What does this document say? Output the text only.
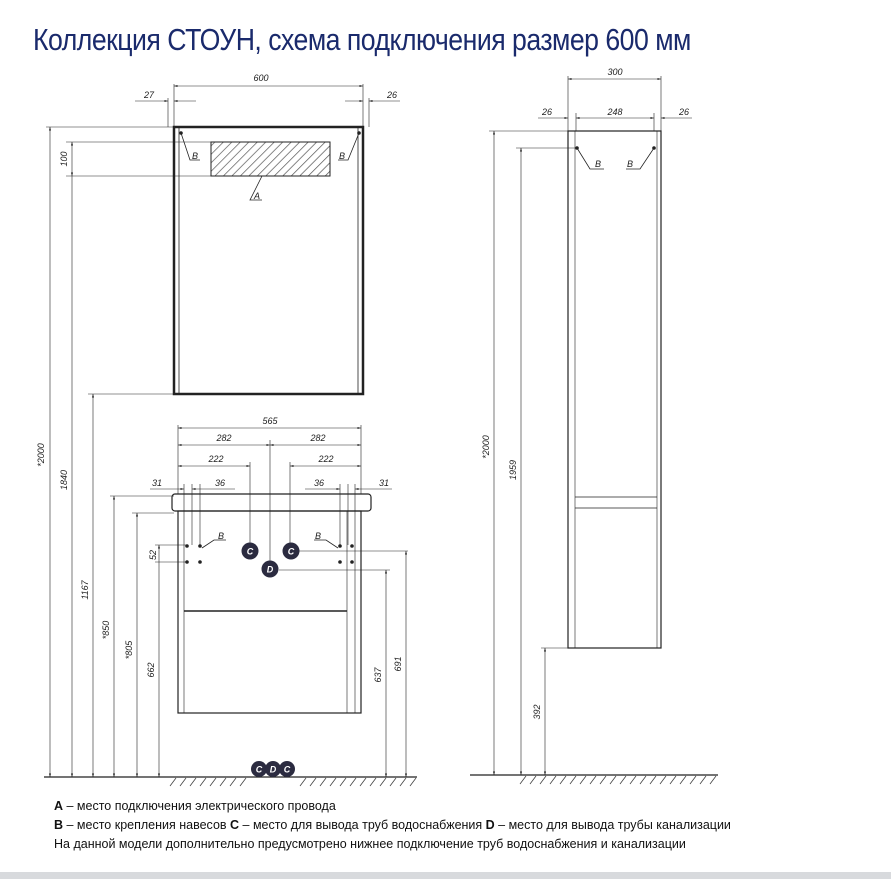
Коллекция СТОУН, схема подключения размер 600 мм
A
B	B
600
27	26
100
*2000
1840
1167
*850
*805
662
52
565
282	282
222	222
31	36	36	31
B	B
C	C
D
637
691
C D C
300
248
26	26
B	B
*2000
1959
392

A – место подключения электрического провода

B – место крепления навесов C – место для вывода труб водоснабжения D – место для вывода трубы канализации

На данной модели дополнительно предусмотрено нижнее подключение труб водоснабжения и канализации
